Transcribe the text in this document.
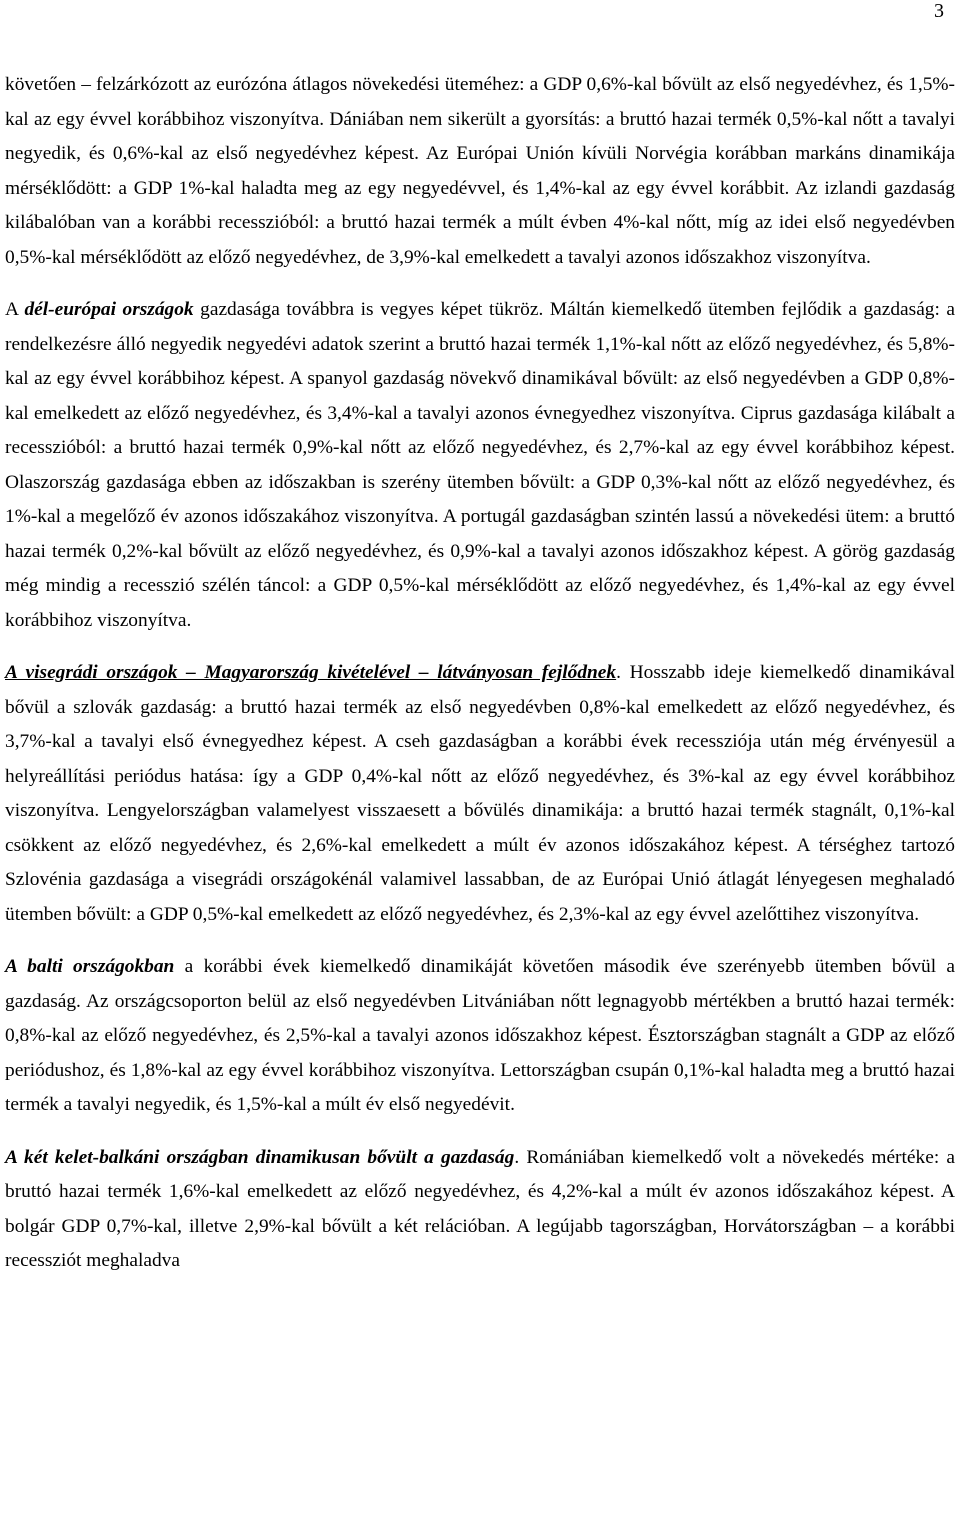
3

követően – felzárkózott az eurózóna átlagos növekedési üteméhez: a GDP 0,6%-kal bővült az első negyedévhez, és 1,5%-kal az egy évvel korábbihoz viszonyítva. Dániában nem sikerült a gyorsítás: a bruttó hazai termék 0,5%-kal nőtt a tavalyi negyedik, és 0,6%-kal az első negyedévhez képest. Az Európai Unión kívüli Norvégia korábban markáns dinamikája mérséklődött: a GDP 1%-kal haladta meg az egy negyedévvel, és 1,4%-kal az egy évvel korábbit. Az izlandi gazdaság kilábalóban van a korábbi recesszióból: a bruttó hazai termék a múlt évben 4%-kal nőtt, míg az idei első negyedévben 0,5%-kal mérséklődött az előző negyedévhez, de 3,9%-kal emelkedett a tavalyi azonos időszakhoz viszonyítva.

A dél-európai országok gazdasága továbbra is vegyes képet tükröz. Máltán kiemelkedő ütemben fejlődik a gazdaság: a rendelkezésre álló negyedik negyedévi adatok szerint a bruttó hazai termék 1,1%-kal nőtt az előző negyedévhez, és 5,8%-kal az egy évvel korábbihoz képest. A spanyol gazdaság növekvő dinamikával bővült: az első negyedévben a GDP 0,8%-kal emelkedett az előző negyedévhez, és 3,4%-kal a tavalyi azonos évnegyedhez viszonyítva. Ciprus gazdasága kilábalt a recesszióból: a bruttó hazai termék 0,9%-kal nőtt az előző negyedévhez, és 2,7%-kal az egy évvel korábbihoz képest. Olaszország gazdasága ebben az időszakban is szerény ütemben bővült: a GDP 0,3%-kal nőtt az előző negyedévhez, és 1%-kal a megelőző év azonos időszakához viszonyítva. A portugál gazdaságban szintén lassú a növekedési ütem: a bruttó hazai termék 0,2%-kal bővült az előző negyedévhez, és 0,9%-kal a tavalyi azonos időszakhoz képest. A görög gazdaság még mindig a recesszió szélén táncol: a GDP 0,5%-kal mérséklődött az előző negyedévhez, és 1,4%-kal az egy évvel korábbihoz viszonyítva.

A visegrádi országok – Magyarország kivételével – látványosan fejlődnek. Hosszabb ideje kiemelkedő dinamikával bővül a szlovák gazdaság: a bruttó hazai termék az első negyedévben 0,8%-kal emelkedett az előző negyedévhez, és 3,7%-kal a tavalyi első évnegyedhez képest. A cseh gazdaságban a korábbi évek recessziója után még érvényesül a helyreállítási periódus hatása: így a GDP 0,4%-kal nőtt az előző negyedévhez, és 3%-kal az egy évvel korábbihoz viszonyítva. Lengyelországban valamelyest visszaesett a bővülés dinamikája: a bruttó hazai termék stagnált, 0,1%-kal csökkent az előző negyedévhez, és 2,6%-kal emelkedett a múlt év azonos időszakához képest. A térséghez tartozó Szlovénia gazdasága a visegrádi országokénál valamivel lassabban, de az Európai Unió átlagát lényegesen meghaladó ütemben bővült: a GDP 0,5%-kal emelkedett az előző negyedévhez, és 2,3%-kal az egy évvel azelőttihez viszonyítva.

A balti országokban a korábbi évek kiemelkedő dinamikáját követően második éve szerényebb ütemben bővül a gazdaság. Az országcsoporton belül az első negyedévben Litvániában nőtt legnagyobb mértékben a bruttó hazai termék: 0,8%-kal az előző negyedévhez, és 2,5%-kal a tavalyi azonos időszakhoz képest. Észtországban stagnált a GDP az előző periódushoz, és 1,8%-kal az egy évvel korábbihoz viszonyítva. Lettországban csupán 0,1%-kal haladta meg a bruttó hazai termék a tavalyi negyedik, és 1,5%-kal a múlt év első negyedévit.

A két kelet-balkáni országban dinamikusan bővült a gazdaság. Romániában kiemelkedő volt a növekedés mértéke: a bruttó hazai termék 1,6%-kal emelkedett az előző negyedévhez, és 4,2%-kal a múlt év azonos időszakához képest. A bolgár GDP 0,7%-kal, illetve 2,9%-kal bővült a két relációban. A legújabb tagországban, Horvátországban – a korábbi recessziót meghaladva
